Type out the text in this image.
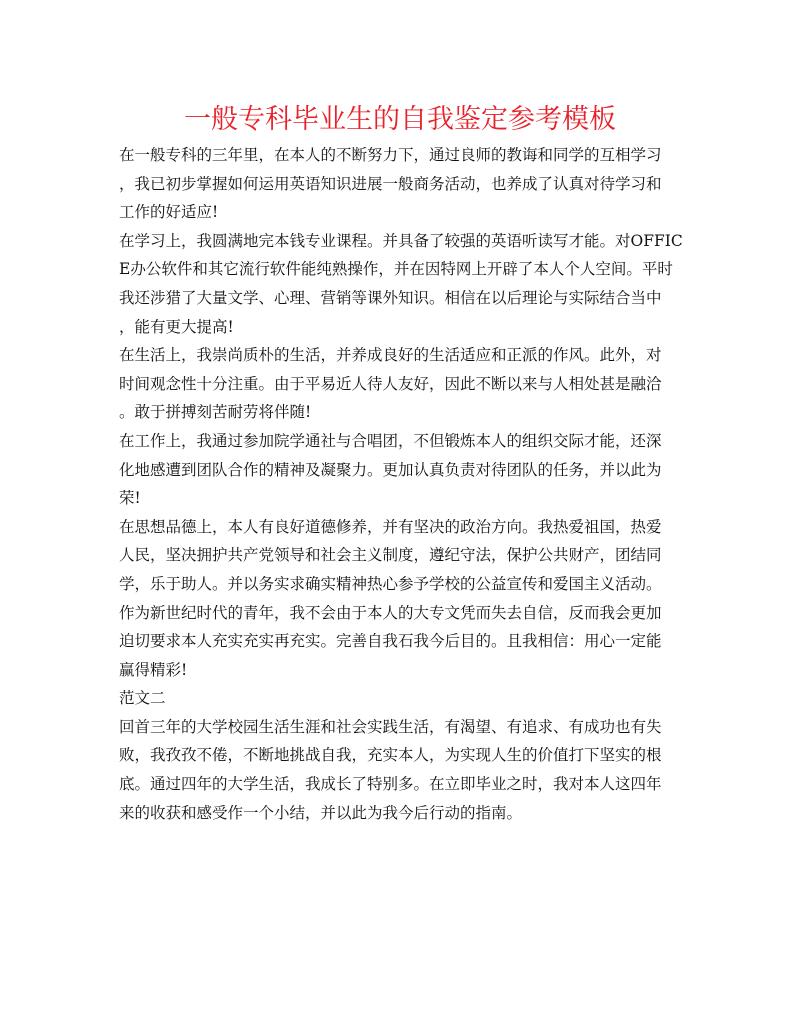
一般专科毕业生的自我鉴定参考模板

在一般专科的三年里，在本人的不断努力下，通过良师的教诲和同学的互相学习

，我已初步掌握如何运用英语知识进展一般商务活动，也养成了认真对待学习和

工作的好适应!

在学习上，我圆满地完本钱专业课程。并具备了较强的英语听读写才能。对OFFIC

E办公软件和其它流行软件能纯熟操作，并在因特网上开辟了本人个人空间。平时

我还涉猎了大量文学、心理、营销等课外知识。相信在以后理论与实际结合当中

，能有更大提高!

在生活上，我崇尚质朴的生活，并养成良好的生活适应和正派的作风。此外，对

时间观念性十分注重。由于平易近人待人友好，因此不断以来与人相处甚是融洽

。敢于拼搏刻苦耐劳将伴随!

在工作上，我通过参加院学通社与合唱团，不但锻炼本人的组织交际才能，还深

化地感遭到团队合作的精神及凝聚力。更加认真负责对待团队的任务，并以此为

荣!

在思想品德上，本人有良好道德修养，并有坚决的政治方向。我热爱祖国，热爱

人民，坚决拥护共产党领导和社会主义制度，遵纪守法，保护公共财产，团结同

学，乐于助人。并以务实求确实精神热心参予学校的公益宣传和爱国主义活动。

作为新世纪时代的青年，我不会由于本人的大专文凭而失去自信，反而我会更加

迫切要求本人充实充实再充实。完善自我石我今后目的。且我相信：用心一定能

赢得精彩!

范文二

回首三年的大学校园生活生涯和社会实践生活，有渴望、有追求、有成功也有失

败，我孜孜不倦，不断地挑战自我，充实本人，为实现人生的价值打下坚实的根

底。通过四年的大学生活，我成长了特别多。在立即毕业之时，我对本人这四年

来的收获和感受作一个小结，并以此为我今后行动的指南。
